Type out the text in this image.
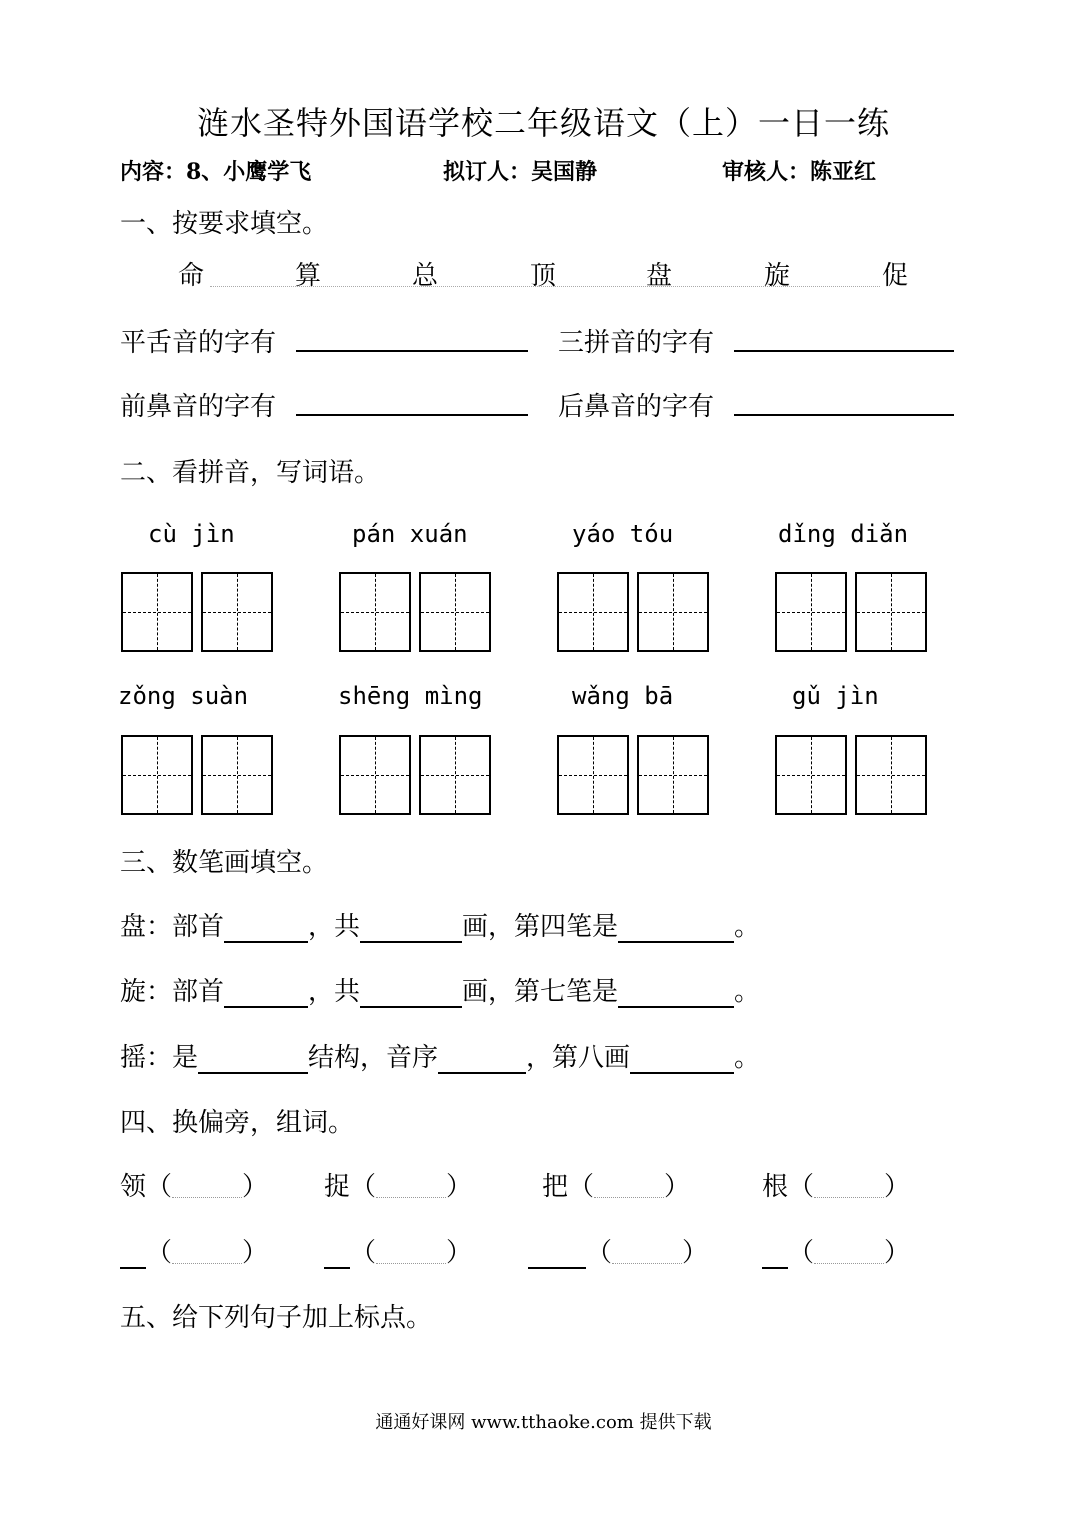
涟水圣特外国语学校二年级语文（上）一日一练
内容：8、小鹰学飞	拟订人：吴国静	审核人：陈亚红
一、按要求填空。
命	算	总	顶	盘	旋	促
平舌音的字有	三拼音的字有
前鼻音的字有	后鼻音的字有
二、看拼音，写词语。
cù jìn	pán xuán	yáo tóu	dǐng diǎn
zǒng suàn	shēng mìng	wǎng bā	gǔ jìn
三、数笔画填空。
盘：部首	，共	画，第四笔是	。
旋：部首	，共	画，第七笔是	。
摇：是	结构，音序	，第八画	。
四、换偏旁，组词。
领（	） 捉（	）	把（	）	根（	）
（	）	（	）	（	）	（	）
五、给下列句子加上标点。
通通好课网 www.tthaoke.com 提供下载
